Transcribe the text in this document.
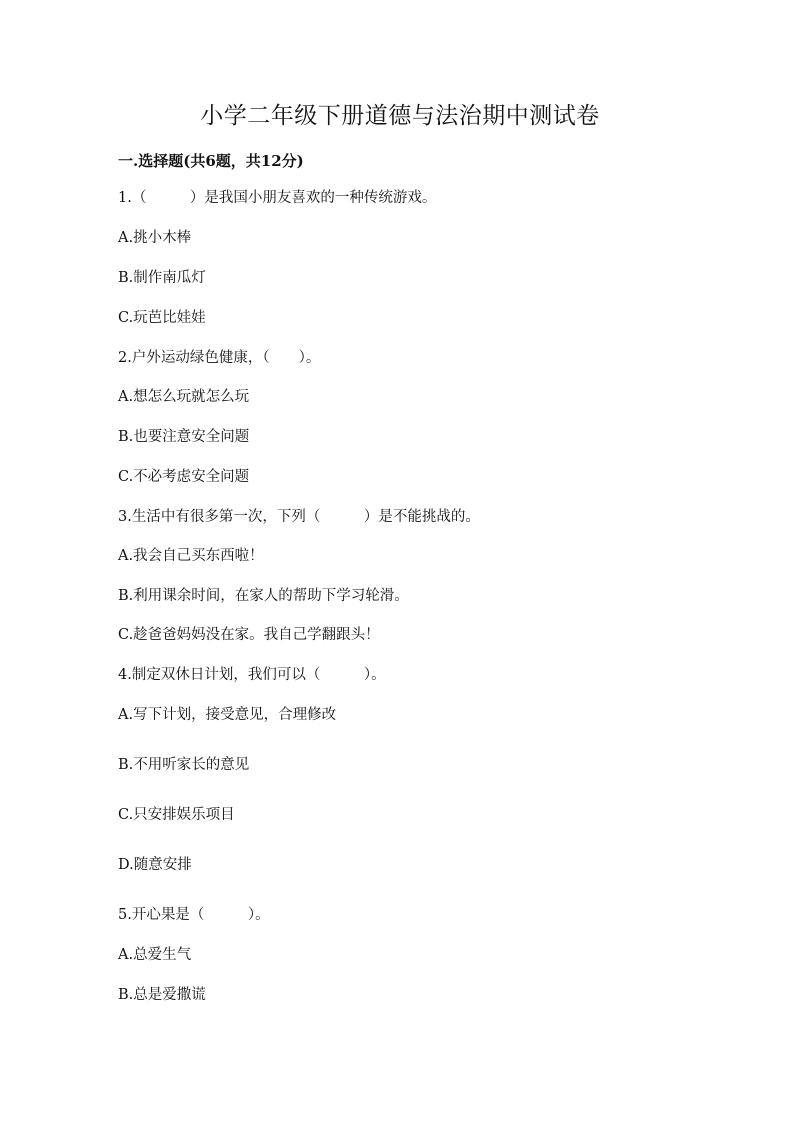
小学二年级下册道德与法治期中测试卷
一.选择题(共6题，共12分)
1.（　　　）是我国小朋友喜欢的一种传统游戏。
A.挑小木棒
B.制作南瓜灯
C.玩芭比娃娃
2.户外运动绿色健康，（　　）。
A.想怎么玩就怎么玩
B.也要注意安全问题
C.不必考虑安全问题
3.生活中有很多第一次，下列（　　　）是不能挑战的。
A.我会自己买东西啦！
B.利用课余时间，在家人的帮助下学习轮滑。
C.趁爸爸妈妈没在家。我自己学翻跟头！
4.制定双休日计划，我们可以（　　　）。
A.写下计划，接受意见，合理修改
B.不用听家长的意见
C.只安排娱乐项目
D.随意安排
5.开心果是（　　　）。
A.总爱生气
B.总是爱撒谎
